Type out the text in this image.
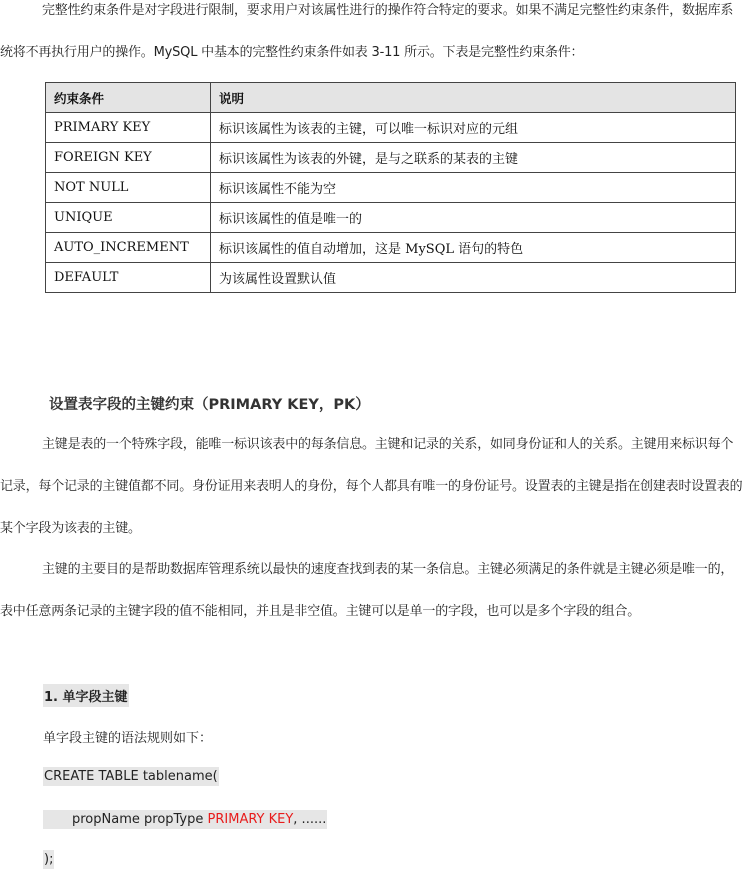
完整性约束条件是对字段进行限制，要求用户对该属性进行的操作符合特定的要求。如果不满足完整性约束条件，数据库系统将不再执行用户的操作。MySQL 中基本的完整性约束条件如表 3-11 所示。下表是完整性约束条件：

约束条件	说明
PRIMARY KEY	标识该属性为该表的主键，可以唯一标识对应的元组
FOREIGN KEY	标识该属性为该表的外键，是与之联系的某表的主键
NOT NULL	标识该属性不能为空
UNIQUE	标识该属性的值是唯一的
AUTO_INCREMENT	标识该属性的值自动增加，这是 MySQL 语句的特色
DEFAULT	为该属性设置默认值
设置表字段的主键约束（PRIMARY KEY，PK）

主键是表的一个特殊字段，能唯一标识该表中的每条信息。主键和记录的关系，如同身份证和人的关系。主键用来标识每个记录，每个记录的主键值都不同。身份证用来表明人的身份，每个人都具有唯一的身份证号。设置表的主键是指在创建表时设置表的某个字段为该表的主键。

主键的主要目的是帮助数据库管理系统以最快的速度查找到表的某一条信息。主键必须满足的条件就是主键必须是唯一的，表中任意两条记录的主键字段的值不能相同，并且是非空值。主键可以是单一的字段，也可以是多个字段的组合。

1. 单字段主键
单字段主键的语法规则如下：
CREATE TABLE tablename(
propName propType PRIMARY KEY, ......
);
